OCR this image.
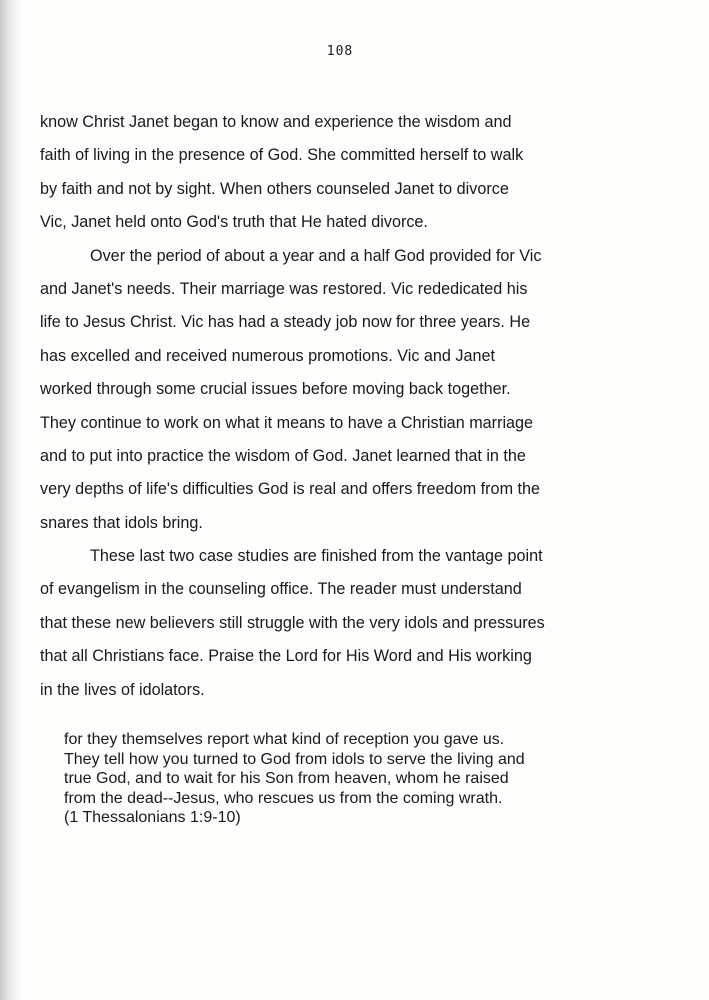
108
know Christ Janet began to know and experience the wisdom and
faith of living in the presence of God. She committed herself to walk
by faith and not by sight. When others counseled Janet to divorce
Vic, Janet held onto God's truth that He hated divorce.
Over the period of about a year and a half God provided for Vic
and Janet's needs. Their marriage was restored. Vic rededicated his
life to Jesus Christ. Vic has had a steady job now for three years. He
has excelled and received numerous promotions. Vic and Janet
worked through some crucial issues before moving back together.
They continue to work on what it means to have a Christian marriage
and to put into practice the wisdom of God. Janet learned that in the
very depths of life's difficulties God is real and offers freedom from the
snares that idols bring.
These last two case studies are finished from the vantage point
of evangelism in the counseling office. The reader must understand
that these new believers still struggle with the very idols and pressures
that all Christians face. Praise the Lord for His Word and His working
in the lives of idolators.
for they themselves report what kind of reception you gave us.
They tell how you turned to God from idols to serve the living and
true God, and to wait for his Son from heaven, whom he raised
from the dead--Jesus, who rescues us from the coming wrath.
(1 Thessalonians 1:9-10)
